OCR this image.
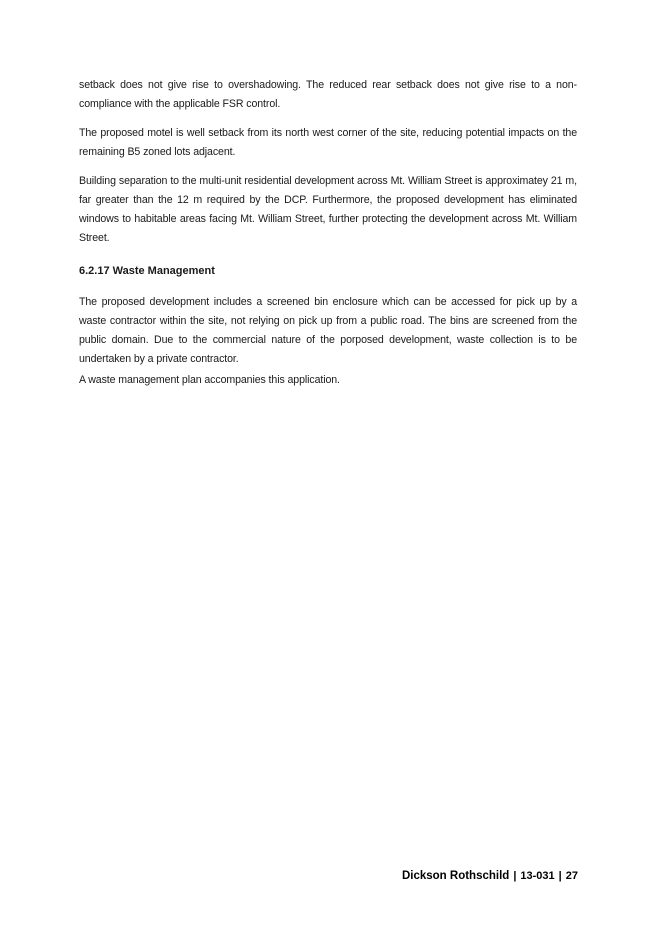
setback does not give rise to overshadowing. The reduced rear setback does not give rise to a non-compliance with the applicable FSR control.

The proposed motel is well setback from its north west corner of the site, reducing potential impacts on the remaining B5 zoned lots adjacent.

Building separation to the multi-unit residential development across Mt. William Street is approximatey 21 m, far greater than the 12 m required by the DCP. Furthermore, the proposed development has eliminated windows to habitable areas facing Mt. William Street, further protecting the development across Mt. William Street.

6.2.17 Waste Management

The proposed development includes a screened bin enclosure which can be accessed for pick up by a waste contractor within the site, not relying on pick up from a public road. The bins are screened from the public domain. Due to the commercial nature of the porposed development, waste collection is to be undertaken by a private contractor.

A waste management plan accompanies this application.

Dickson Rothschild | 13-031 | 27
